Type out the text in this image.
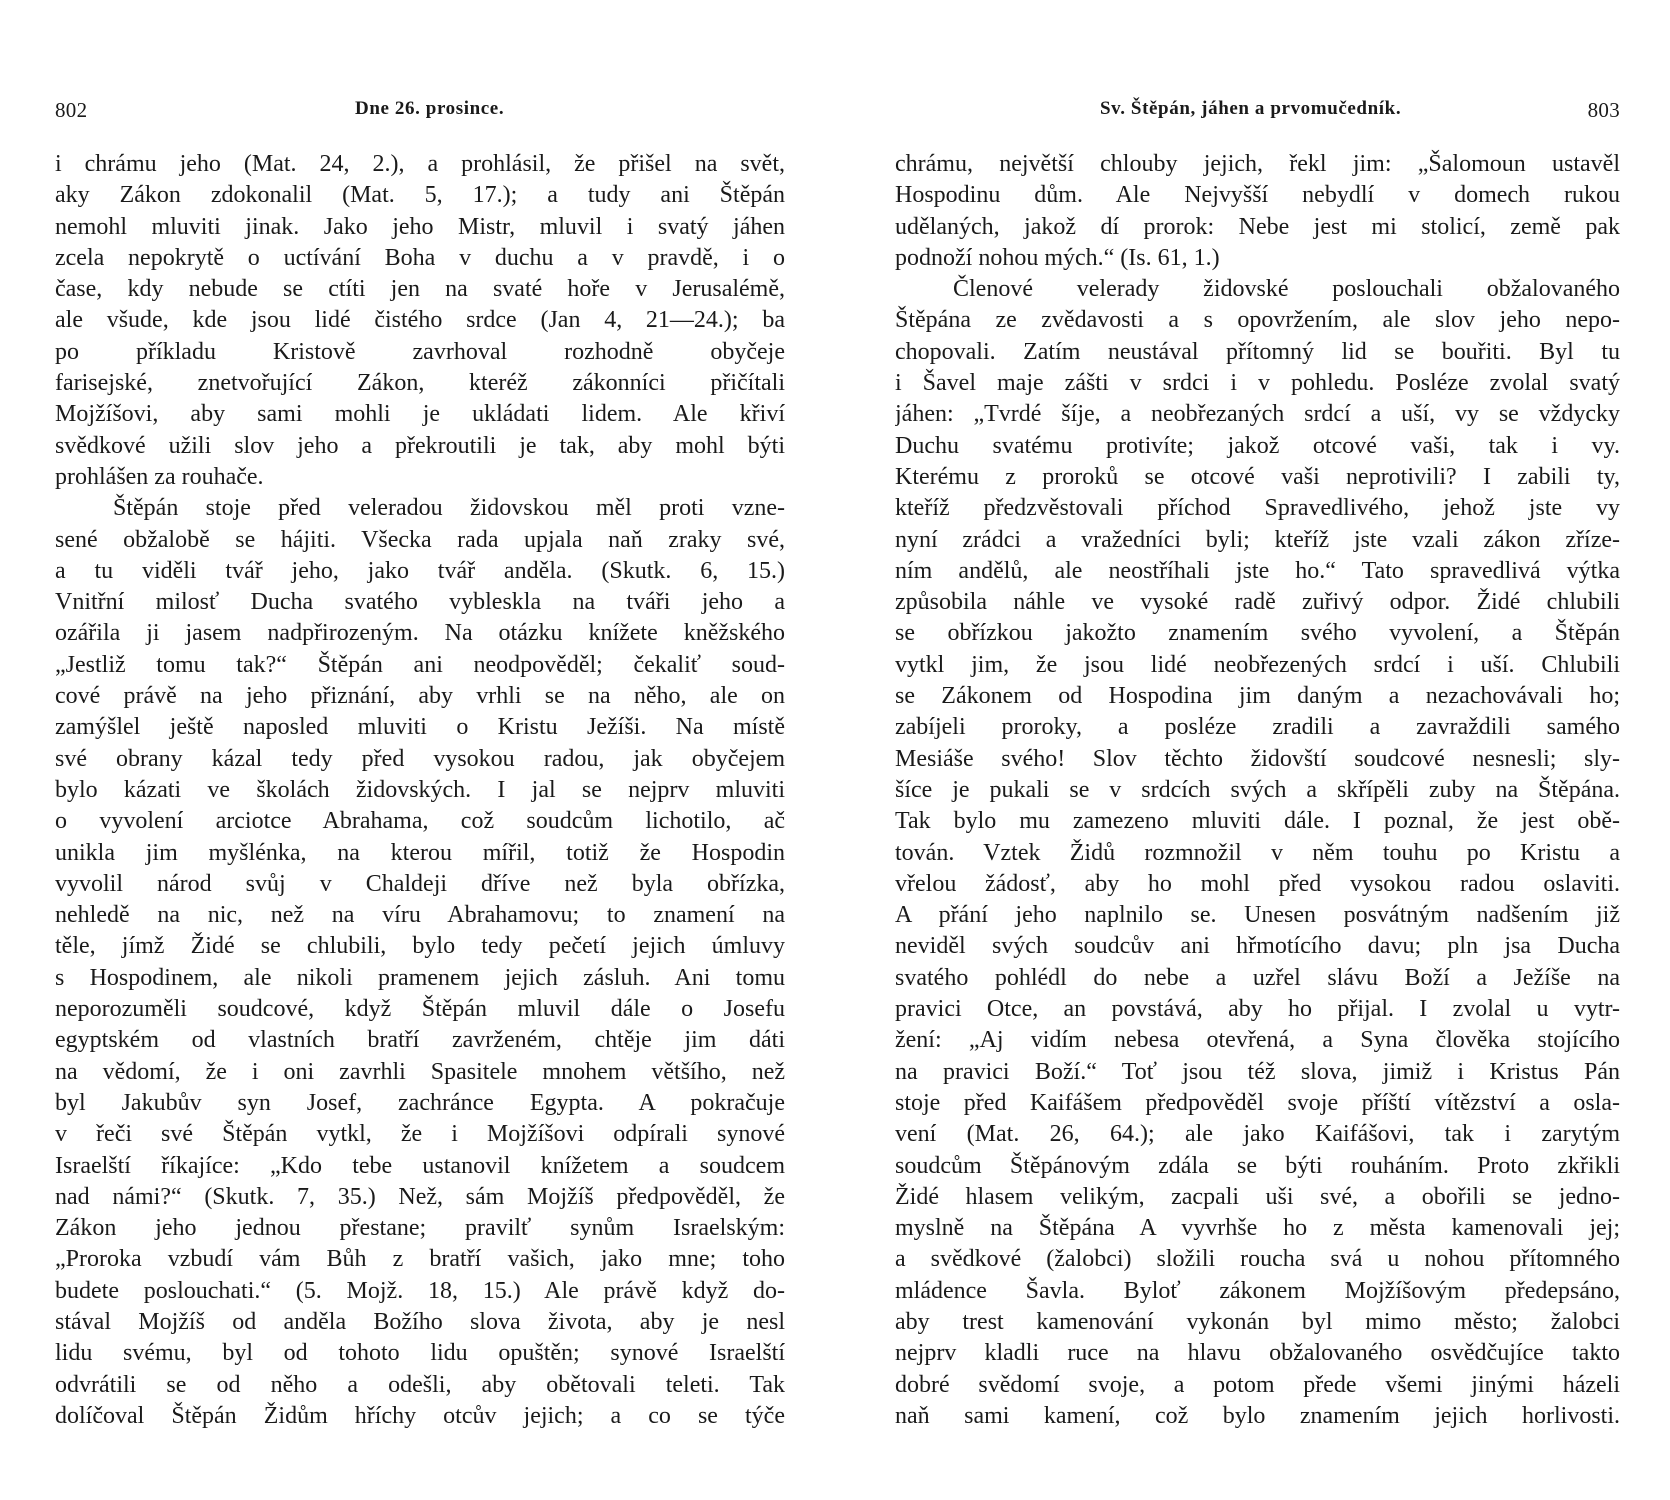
802	Dne 26. prosince.
i chrámu jeho (Mat. 24, 2.), a prohlásil, že přišel na svět,
aky Zákon zdokonalil (Mat. 5, 17.); a tudy ani Štěpán
nemohl mluviti jinak. Jako jeho Mistr, mluvil i svatý jáhen
zcela nepokrytě o uctívání Boha v duchu a v pravdě, i o
čase, kdy nebude se ctíti jen na svaté hoře v Jerusalémě,
ale všude, kde jsou lidé čistého srdce (Jan 4, 21—24.); ba
po příkladu Kristově zavrhoval rozhodně obyčeje
farisejské, znetvořující Zákon, kteréž zákonníci přičítali
Mojžíšovi, aby sami mohli je ukládati lidem. Ale křiví
svědkové užili slov jeho a překroutili je tak, aby mohl býti
prohlášen za rouhače.
Štěpán stoje před veleradou židovskou měl proti vzne-
sené obžalobě se hájiti. Všecka rada upjala naň zraky své,
a tu viděli tvář jeho, jako tvář anděla. (Skutk. 6, 15.)
Vnitřní milosť Ducha svatého vybleskla na tváři jeho a
ozářila ji jasem nadpřirozeným. Na otázku knížete kněžského
„Jestliž tomu tak?“ Štěpán ani neodpověděl; čekaliť soud-
cové právě na jeho přiznání, aby vrhli se na něho, ale on
zamýšlel ještě naposled mluviti o Kristu Ježíši. Na místě
své obrany kázal tedy před vysokou radou, jak obyčejem
bylo kázati ve školách židovských. I jal se nejprv mluviti
o vyvolení arciotce Abrahama, což soudcům lichotilo, ač
unikla jim myšlénka, na kterou mířil, totiž že Hospodin
vyvolil národ svůj v Chaldeji dříve než byla obřízka,
nehledě na nic, než na víru Abrahamovu; to znamení na
těle, jímž Židé se chlubili, bylo tedy pečetí jejich úmluvy
s Hospodinem, ale nikoli pramenem jejich zásluh. Ani tomu
neporozuměli soudcové, když Štěpán mluvil dále o Josefu
egyptském od vlastních bratří zavrženém, chtěje jim dáti
na vědomí, že i oni zavrhli Spasitele mnohem většího, než
byl Jakubův syn Josef, zachránce Egypta. A pokračuje
v řeči své Štěpán vytkl, že i Mojžíšovi odpírali synové
Israelští říkajíce: „Kdo tebe ustanovil knížetem a soudcem
nad námi?“ (Skutk. 7, 35.) Než, sám Mojžíš předpověděl, že
Zákon jeho jednou přestane; pravilť synům Israelským:
„Proroka vzbudí vám Bůh z bratří vašich, jako mne; toho
budete poslouchati.“ (5. Mojž. 18, 15.) Ale právě když do-
stával Mojžíš od anděla Božího slova života, aby je nesl
lidu svému, byl od tohoto lidu opuštěn; synové Israelští
odvrátili se od něho a odešli, aby obětovali teleti. Tak
dolíčoval Štěpán Židům hříchy otcův jejich; a co se týče
Sv. Štěpán, jáhen a prvomučedník.	803
chrámu, největší chlouby jejich, řekl jim: „Šalomoun ustavěl
Hospodinu dům. Ale Nejvyšší nebydlí v domech rukou
udělaných, jakož dí prorok: Nebe jest mi stolicí, země pak
podnoží nohou mých.“ (Is. 61, 1.)
Členové velerady židovské poslouchali obžalovaného
Štěpána ze zvědavosti a s opovržením, ale slov jeho nepo-
chopovali. Zatím neustával přítomný lid se bouřiti. Byl tu
i Šavel maje zášti v srdci i v pohledu. Posléze zvolal svatý
jáhen: „Tvrdé šíje, a neobřezaných srdcí a uší, vy se vždycky
Duchu svatému protivíte; jakož otcové vaši, tak i vy.
Kterému z proroků se otcové vaši neprotivili? I zabili ty,
kteříž předzvěstovali příchod Spravedlivého, jehož jste vy
nyní zrádci a vražedníci byli; kteříž jste vzali zákon zřízе-
ním andělů, ale neostříhali jste ho.“ Tato spravedlivá výtka
způsobila náhle ve vysoké radě zuřivý odpor. Židé chlubili
se obřízkou jakožto znamením svého vyvolení, a Štěpán
vytkl jim, že jsou lidé neobřezených srdcí i uší. Chlubili
se Zákonem od Hospodina jim daným a nezachovávali ho;
zabíjeli proroky, a posléze zradili a zavraždili samého
Mesiáše svého! Slov těchto židovští soudcové nesnesli; sly-
šíce je pukali se v srdcích svých a skřípěli zuby na Štěpána.
Tak bylo mu zamezeno mluviti dále. I poznal, že jest obě-
tován. Vztek Židů rozmnožil v něm touhu po Kristu a
vřelou žádosť, aby ho mohl před vysokou radou oslaviti.
A přání jeho naplnilo se. Unesen posvátným nadšením již
neviděl svých soudcův ani hřmotícího davu; pln jsa Ducha
svatého pohlédl do nebe a uzřel slávu Boží a Ježíše na
pravici Otce, an povstává, aby ho přijal. I zvolal u vytr-
žení: „Aj vidím nebesa otevřená, a Syna člověka stojícího
na pravici Boží.“ Toť jsou též slova, jimiž i Kristus Pán
stoje před Kaifášem předpověděl svoje příští vítězství a osla-
vení (Mat. 26, 64.); ale jako Kaifášovi, tak i zarytým
soudcům Štěpánovým zdála se býti rouháním. Proto zkřikli
Židé hlasem velikým, zacpali uši své, a obořili se jedno-
myslně na Štěpána A vyvrhše ho z města kamenovali jej;
a svědkové (žalobci) složili roucha svá u nohou přítomného
mládence Šavla. Byloť zákonem Mojžíšovým předepsáno,
aby trest kamenování vykonán byl mimo město; žalobci
nejprv kladli ruce na hlavu obžalovaného osvědčujíce takto
dobré svědomí svoje, a potom přede všemi jinými házeli
naň sami kamení, což bylo znamením jejich horlivosti.
